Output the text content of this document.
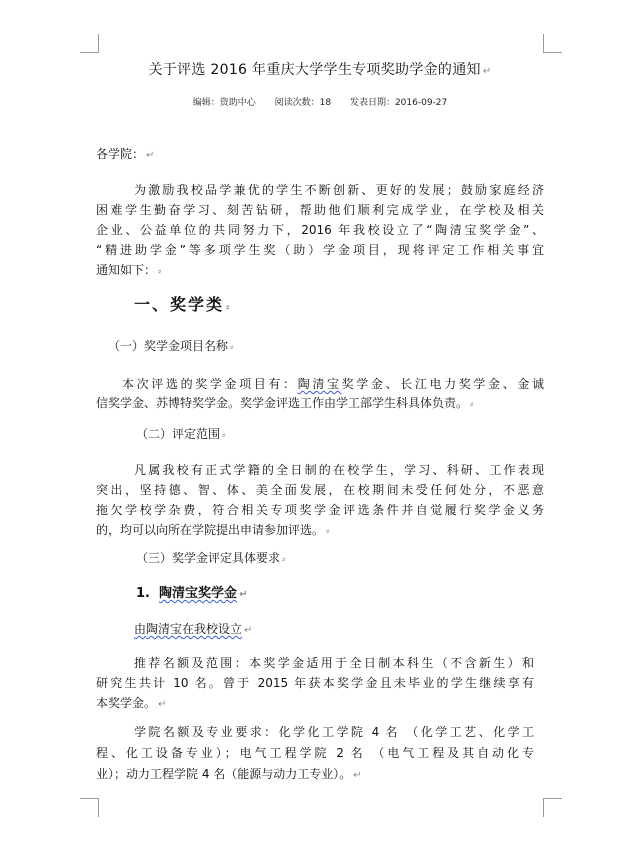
关于评选 2016 年重庆大学学生专项奖助学金的通知 ↵
编辑：资助中心 阅读次数：18 发表日期：2016-09-27
各学院： ↵
为激励我校品学兼优的学生不断创新、更好的发展；鼓励家庭经济
困难学生勤奋学习、刻苦钻研，帮助他们顺利完成学业，在学校及相关
企业、公益单位的共同努力下，2016 年我校设立了“陶清宝奖学金”、
“精进助学金”等多项学生奖（助）学金项目，现将评定工作相关事宜
通知如下： ⸗
一、奖学类 ⸗
（一）奖学金项目名称 ⸗
本次评选的奖学金项目有：陶清宝奖学金、长江电力奖学金、金诚
信奖学金、苏博特奖学金。奖学金评选工作由学工部学生科具体负责。 ⸗
（二）评定范围 ⸗
凡属我校有正式学籍的全日制的在校学生，学习、科研、工作表现
突出，坚持德、智、体、美全面发展，在校期间未受任何处分，不恶意
拖欠学校学杂费，符合相关专项奖学金评选条件并自觉履行奖学金义务
的，均可以向所在学院提出申请参加评选。 ⸗
（三）奖学金评定具体要求 ⸗
1. 陶清宝奖学金 ↵
由陶清宝在我校设立 ↵
推荐名额及范围：本奖学金适用于全日制本科生（不含新生）和
研究生共计 10 名。曾于 2015 年获本奖学金且未毕业的学生继续享有
本奖学金。 ↵
学院名额及专业要求：化学化工学院 4 名 （化学工艺、化学工
程、化工设备专业）；电气工程学院 2 名 （电气工程及其自动化专
业）；动力工程学院 4 名（能源与动力工专业）。 ↵
